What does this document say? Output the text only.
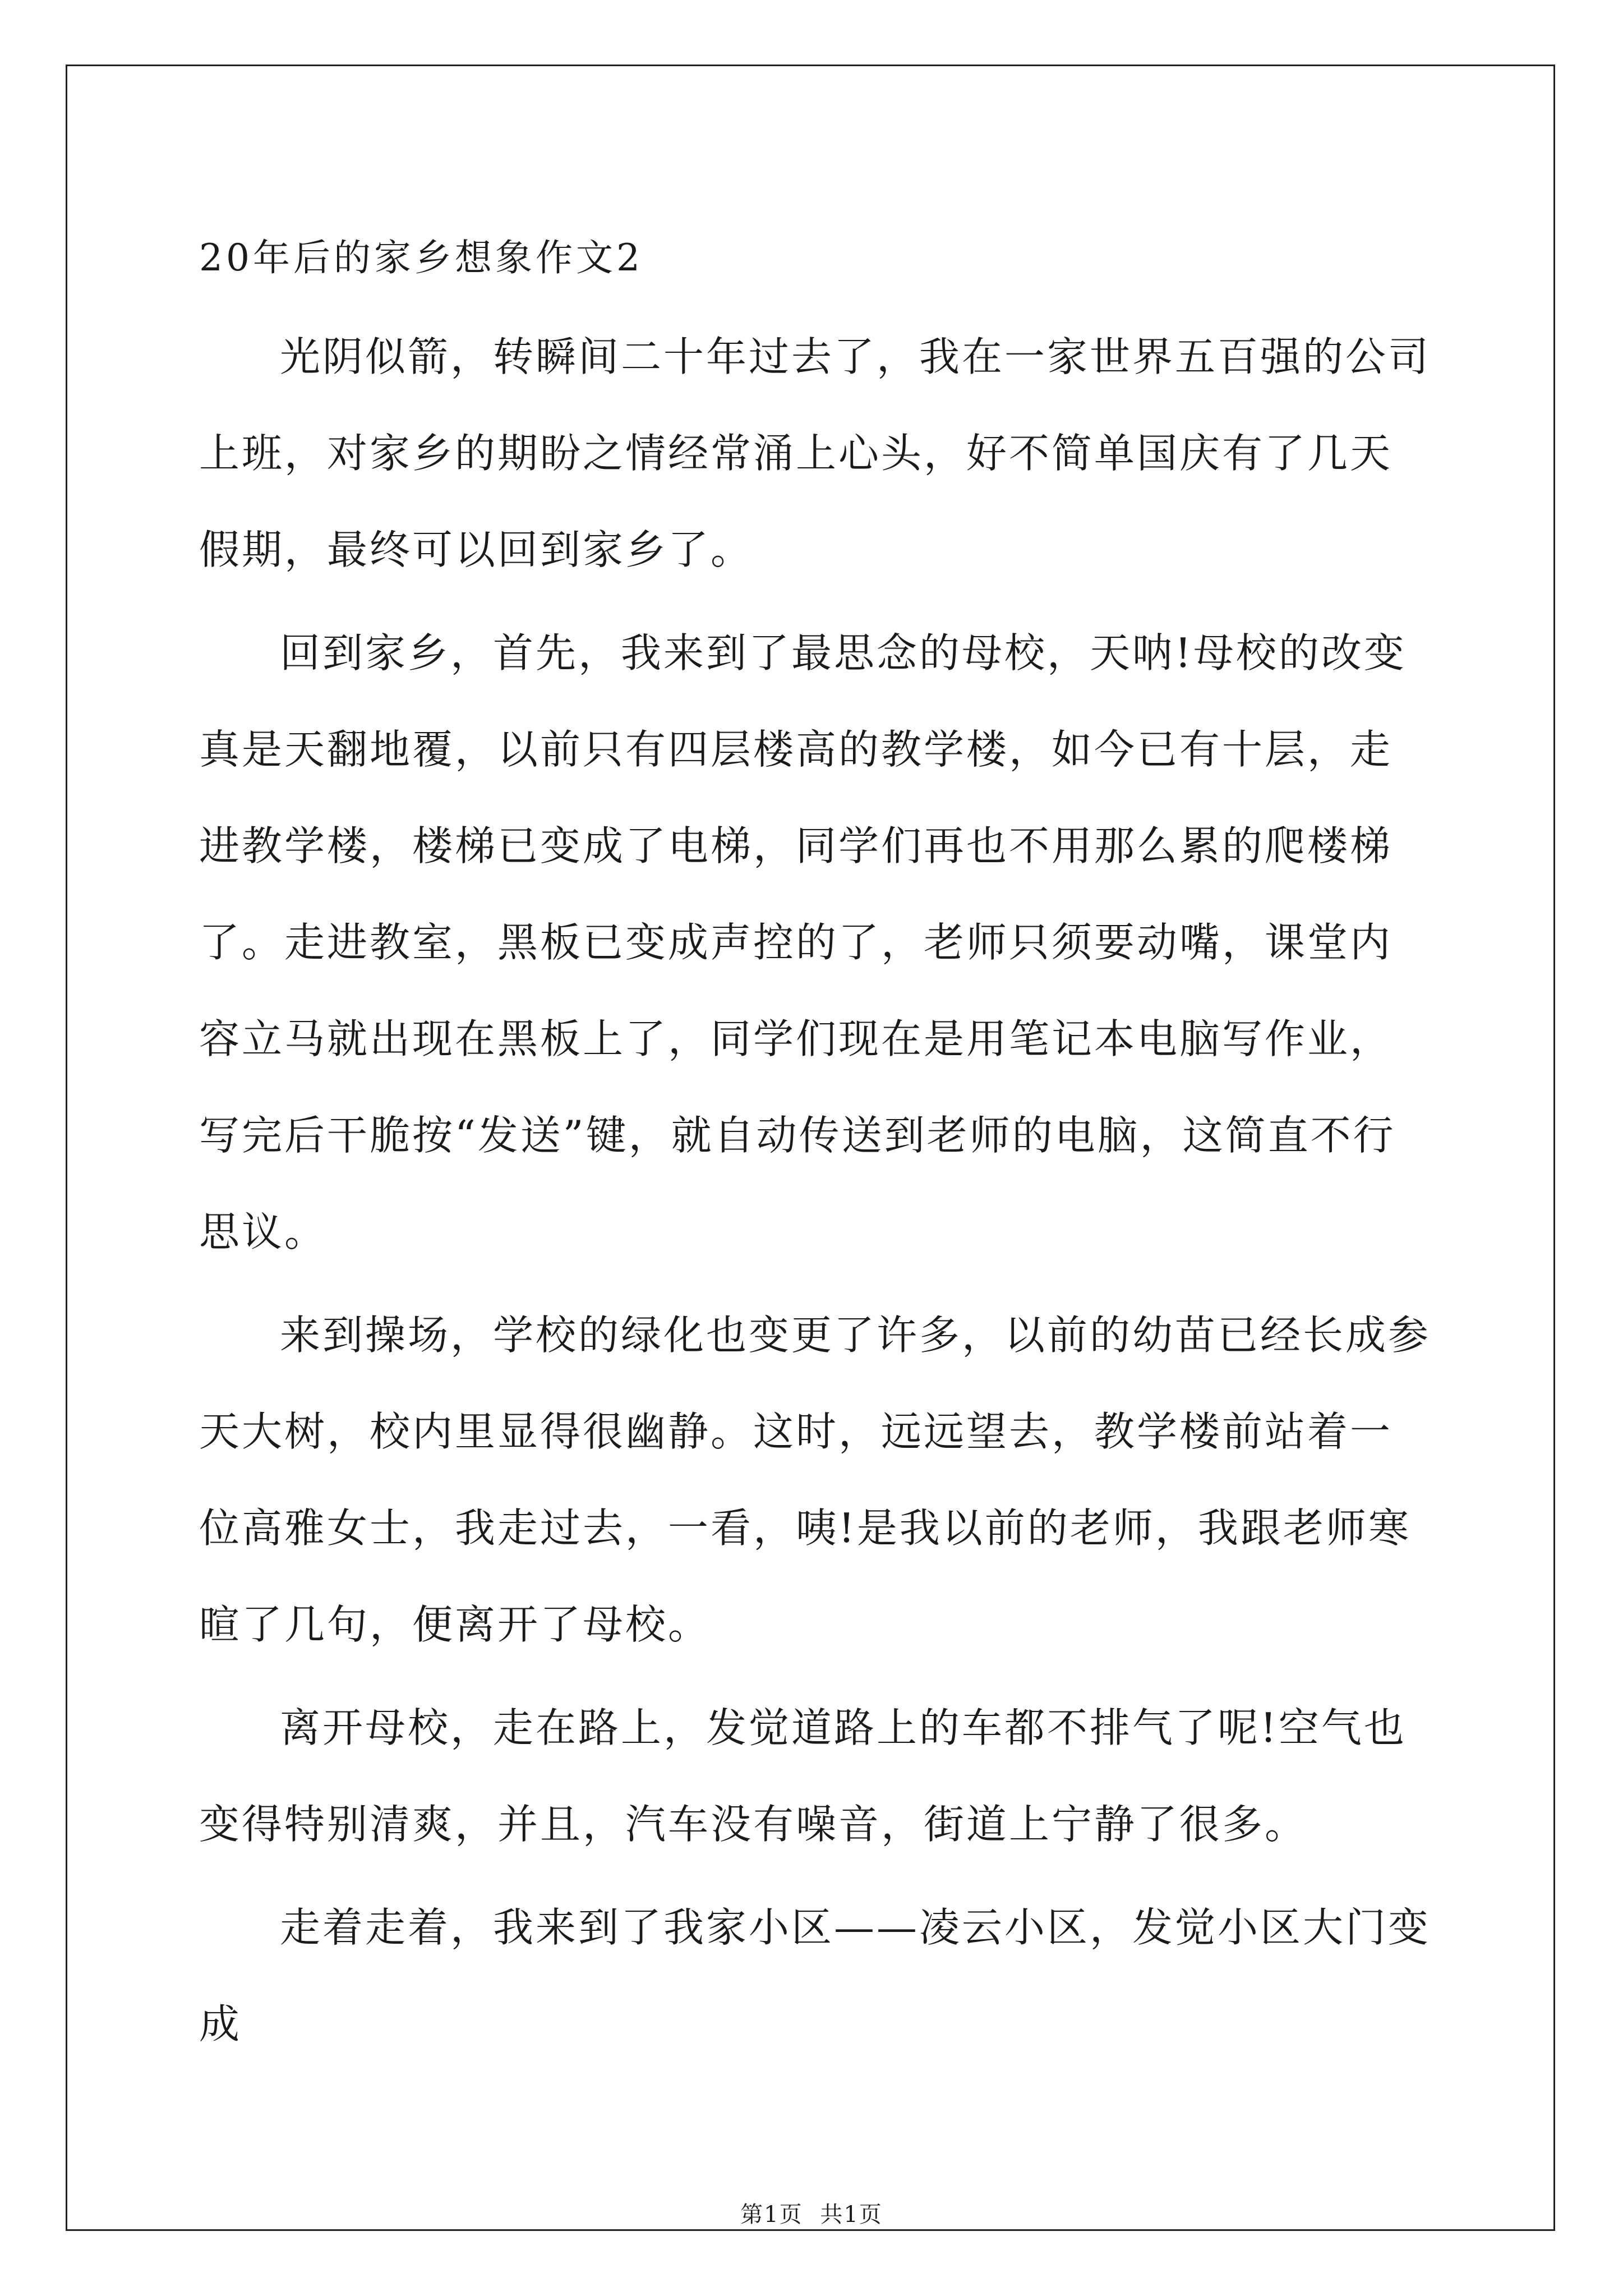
20年后的家乡想象作文2

光阴似箭，转瞬间二十年过去了，我在一家世界五百强的公司上班，对家乡的期盼之情经常涌上心头，好不简单国庆有了几天假期，最终可以回到家乡了。

回到家乡，首先，我来到了最思念的母校，天呐!母校的改变真是天翻地覆，以前只有四层楼高的教学楼，如今已有十层，走进教学楼，楼梯已变成了电梯，同学们再也不用那么累的爬楼梯了。走进教室，黑板已变成声控的了，老师只须要动嘴，课堂内容立马就出现在黑板上了，同学们现在是用笔记本电脑写作业，写完后干脆按“发送”键，就自动传送到老师的电脑，这简直不行思议。

来到操场，学校的绿化也变更了许多，以前的幼苗已经长成参天大树，校内里显得很幽静。这时，远远望去，教学楼前站着一位高雅女士，我走过去，一看，咦!是我以前的老师，我跟老师寒暄了几句，便离开了母校。

离开母校，走在路上，发觉道路上的车都不排气了呢!空气也变得特别清爽，并且，汽车没有噪音，街道上宁静了很多。

走着走着，我来到了我家小区——凌云小区，发觉小区大门变成

第1页 共1页
